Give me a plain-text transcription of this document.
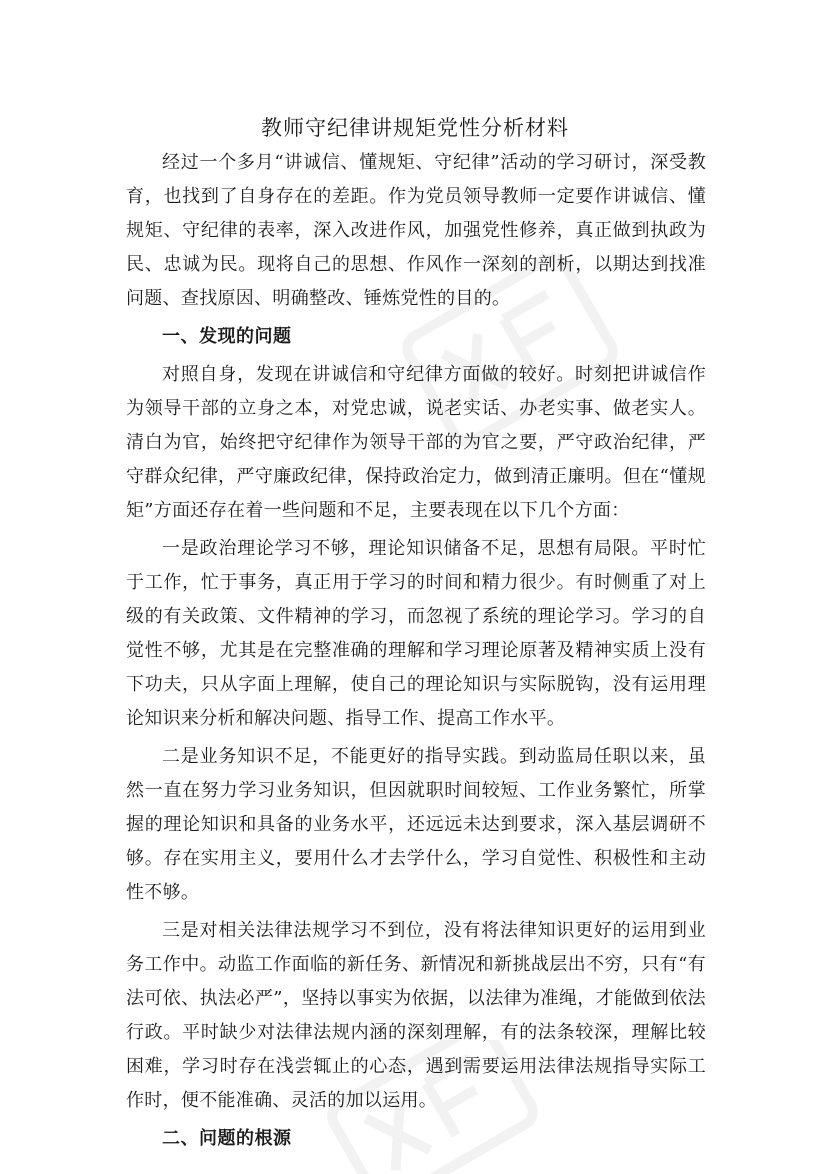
教师守纪律讲规矩党性分析材料

经过一个多月“讲诚信、懂规矩、守纪律”活动的学习研讨，深受教育，也找到了自身存在的差距。作为党员领导教师一定要作讲诚信、懂规矩、守纪律的表率，深入改进作风，加强党性修养，真正做到执政为民、忠诚为民。现将自己的思想、作风作一深刻的剖析，以期达到找准问题、查找原因、明确整改、锤炼党性的目的。

一、发现的问题

对照自身，发现在讲诚信和守纪律方面做的较好。时刻把讲诚信作为领导干部的立身之本，对党忠诚，说老实话、办老实事、做老实人。清白为官，始终把守纪律作为领导干部的为官之要，严守政治纪律，严守群众纪律，严守廉政纪律，保持政治定力，做到清正廉明。但在“懂规矩”方面还存在着一些问题和不足，主要表现在以下几个方面：

一是政治理论学习不够，理论知识储备不足，思想有局限。平时忙于工作，忙于事务，真正用于学习的时间和精力很少。有时侧重了对上级的有关政策、文件精神的学习，而忽视了系统的理论学习。学习的自觉性不够，尤其是在完整准确的理解和学习理论原著及精神实质上没有下功夫，只从字面上理解，使自己的理论知识与实际脱钩，没有运用理论知识来分析和解决问题、指导工作、提高工作水平。

二是业务知识不足，不能更好的指导实践。到动监局任职以来，虽然一直在努力学习业务知识，但因就职时间较短、工作业务繁忙，所掌握的理论知识和具备的业务水平，还远远未达到要求，深入基层调研不够。存在实用主义，要用什么才去学什么，学习自觉性、积极性和主动性不够。

三是对相关法律法规学习不到位，没有将法律知识更好的运用到业务工作中。动监工作面临的新任务、新情况和新挑战层出不穷，只有“有法可依、执法必严”，坚持以事实为依据，以法律为准绳，才能做到依法行政。平时缺少对法律法规内涵的深刻理解，有的法条较深，理解比较困难，学习时存在浅尝辄止的心态，遇到需要运用法律法规指导实际工作时，便不能准确、灵活的加以运用。

二、问题的根源
